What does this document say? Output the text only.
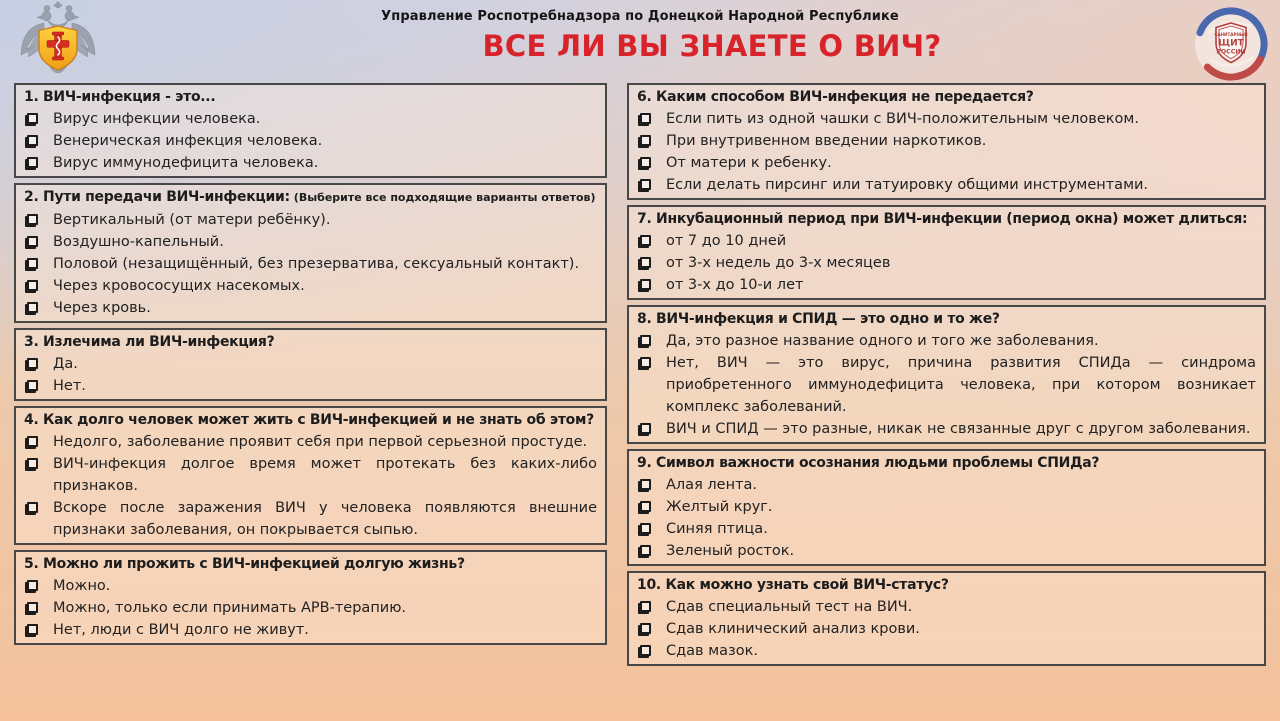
Управление Роспотребнадзора по Донецкой Народной Республике
ВСЕ ЛИ ВЫ ЗНАЕТЕ О ВИЧ?	САНИТАРНЫЙ
ЩИТ
РОССИИ
1. ВИЧ-инфекция - это...
Вирус инфекции человека.
Венерическая инфекция человека.
Вирус иммунодефицита человека.
2. Пути передачи ВИЧ-инфекции: (Выберите все подходящие варианты ответов)
Вертикальный (от матери ребёнку).
Воздушно-капельный.
Половой (незащищённый, без презерватива, сексуальный контакт).
Через кровососущих насекомых.
Через кровь.
3. Излечима ли ВИЧ-инфекция?
Да.
Нет.
4. Как долго человек может жить с ВИЧ-инфекцией и не знать об этом?
Недолго, заболевание проявит себя при первой серьезной простуде.
ВИЧ-инфекция долгое время может протекать без каких-либо признаков.
Вскоре после заражения ВИЧ у человека появляются внешние признаки заболевания, он покрывается сыпью.
5. Можно ли прожить с ВИЧ-инфекцией долгую жизнь?
Можно.
Можно, только если принимать АРВ-терапию.
Нет, люди с ВИЧ долго не живут.
6. Каким способом ВИЧ-инфекция не передается?
Если пить из одной чашки с ВИЧ-положительным человеком.
При внутривенном введении наркотиков.
От матери к ребенку.
Если делать пирсинг или татуировку общими инструментами.
7. Инкубационный период при ВИЧ-инфекции (период окна) может длиться:
от 7 до 10 дней
от 3-х недель до 3-х месяцев
от 3-х до 10-и лет
8. ВИЧ-инфекция и СПИД — это одно и то же?
Да, это разное название одного и того же заболевания.
Нет, ВИЧ — это вирус, причина развития СПИДа — синдрома приобретенного иммунодефицита человека, при котором возникает комплекс заболеваний.
ВИЧ и СПИД — это разные, никак не связанные друг с другом заболевания.
9. Символ важности осознания людьми проблемы СПИДа?
Алая лента.
Желтый круг.
Синяя птица.
Зеленый росток.
10. Как можно узнать свой ВИЧ-статус?
Сдав специальный тест на ВИЧ.
Сдав клинический анализ крови.
Сдав мазок.
